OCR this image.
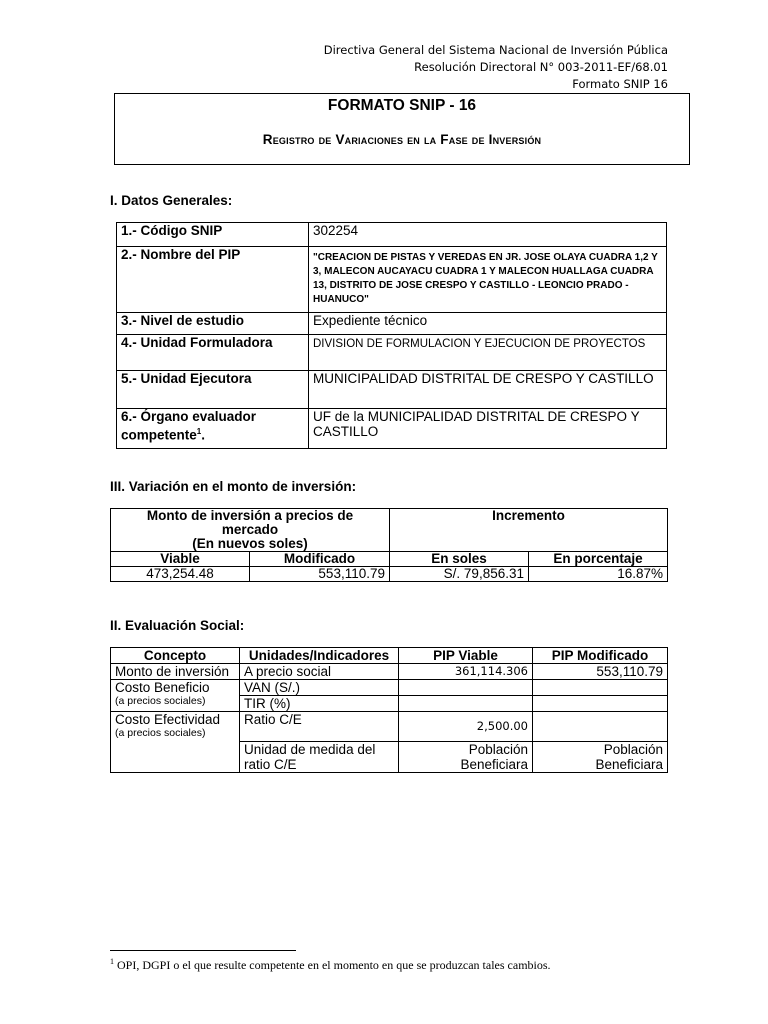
Directiva General del Sistema Nacional de Inversión Pública
Resolución Directoral N° 003-2011-EF/68.01
Formato SNIP 16
FORMATO SNIP - 16
Registro de Variaciones en la Fase de Inversión
I. Datos Generales:
1.- Código SNIP	302254
2.- Nombre del PIP	"CREACION DE PISTAS Y VEREDAS EN JR. JOSE OLAYA CUADRA 1,2 Y 3, MALECON AUCAYACU CUADRA 1 Y MALECON HUALLAGA CUADRA 13, DISTRITO DE JOSE CRESPO Y CASTILLO - LEONCIO PRADO - HUANUCO"
3.- Nivel de estudio	Expediente técnico
4.- Unidad Formuladora	DIVISION DE FORMULACION Y EJECUCION DE PROYECTOS
5.- Unidad Ejecutora	MUNICIPALIDAD DISTRITAL DE CRESPO Y CASTILLO
6.- Órgano evaluador competente$^1$.	UF de la MUNICIPALIDAD DISTRITAL DE CRESPO Y CASTILLO
III. Variación en el monto de inversión:
Monto de inversión a precios de mercado
(En nuevos soles)		Incremento	
Viable	Modificado	En soles	En porcentaje
473,254.48	553,110.79	S/. 79,856.31	16.87%
II. Evaluación Social:
Concepto	Unidades/Indicadores	PIP Viable	PIP Modificado
Monto de inversión	A precio social	361,114.306	553,110.79
Costo Beneficio
(a precios sociales)	VAN (S/.)		
	TIR (%)		
Costo Efectividad
(a precios sociales)	Ratio C/E	2,500.00	
	Unidad de medida del ratio C/E	Población Beneficiara	Población Beneficiara
$^1$ OPI, DGPI o el que resulte competente en el momento en que se produzcan tales cambios.
